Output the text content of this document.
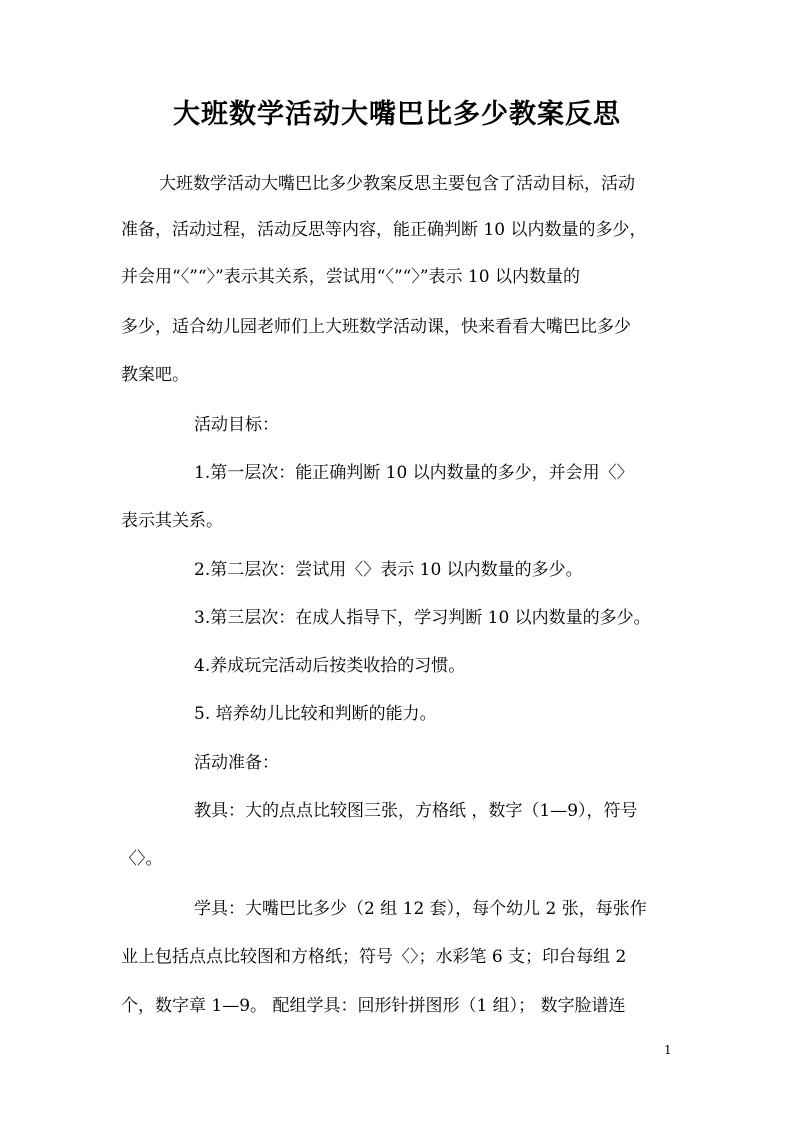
大班数学活动大嘴巴比多少教案反思
大班数学活动大嘴巴比多少教案反思主要包含了活动目标，活动
准备，活动过程，活动反思等内容，能正确判断 10 以内数量的多少，
并会用“〈”“〉”表示其关系，尝试用“〈”“〉”表示 10 以内数量的
多少，适合幼儿园老师们上大班数学活动课，快来看看大嘴巴比多少
教案吧。
活动目标：
1.第一层次：能正确判断 10 以内数量的多少，并会用〈〉
表示其关系。
2.第二层次：尝试用〈〉表示 10 以内数量的多少。
3.第三层次：在成人指导下，学习判断 10 以内数量的多少。
4.养成玩完活动后按类收拾的习惯。
5. 培养幼儿比较和判断的能力。
活动准备：
教具：大的点点比较图三张，方格纸 ，数字（1—9），符号
〈〉。
学具：大嘴巴比多少（2 组 12 套），每个幼儿 2 张，每张作
业上包括点点比较图和方格纸；符号〈〉；水彩笔 6 支；印台每组 2
个，数字章 1—9。 配组学具：回形针拼图形（1 组）； 数字脸谱连
1
